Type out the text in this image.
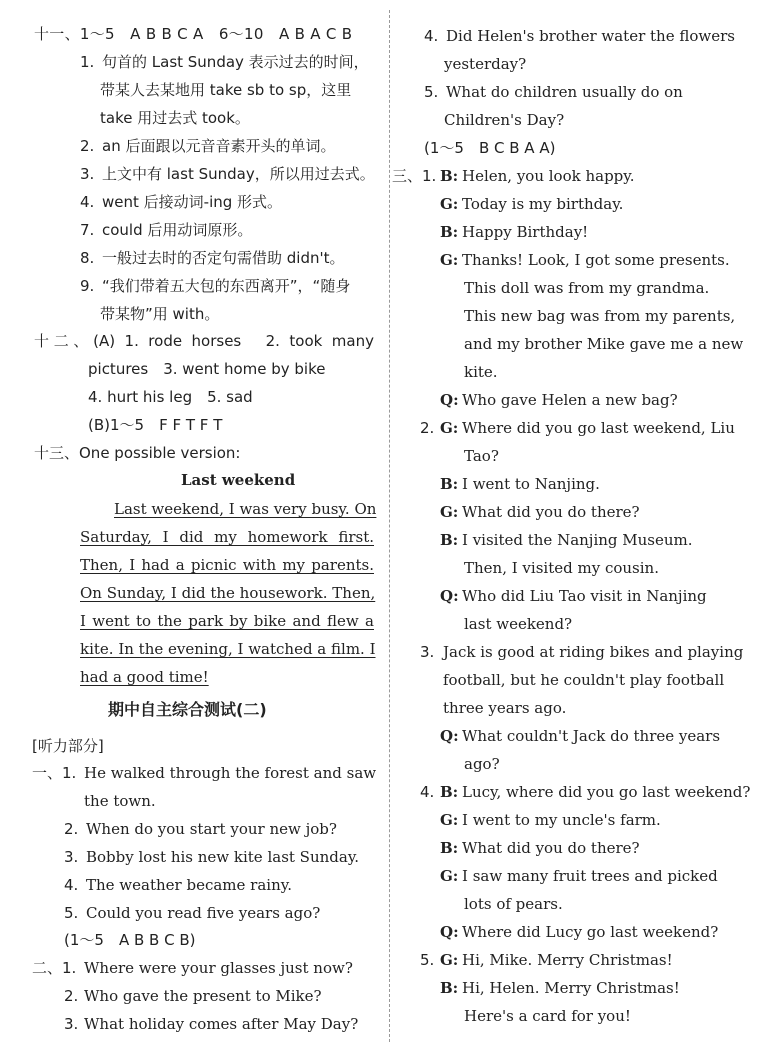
十一、1～5　A B B C A　6～10　A B A C B
1. 句首的 Last Sunday 表示过去的时间，
带某人去某地用 take sb to sp，这里
take 用过去式 took。
2. an 后面跟以元音音素开头的单词。
3. 上文中有 last Sunday，所以用过去式。
4. went 后接动词-ing 形式。
7. could 后用动词原形。
8. 一般过去时的否定句需借助 didn't。
9. “我们带着五大包的东西离开”，“随身
带某物”用 with。
十二、(A) 1. rode horses　2. took many
pictures　3. went home by bike
4. hurt his leg　5. sad
(B)1～5　F F T F T
十三、One possible version:
Last weekend
Last weekend, I was very busy. On
Saturday, I did my homework first.
Then, I had a picnic with my parents.
On Sunday, I did the housework. Then,
I went to the park by bike and flew a
kite. In the evening, I watched a film. I
had a good time!
期中自主综合测试(二)
[听力部分]
一、1. He walked through the forest and saw
the town.
2. When do you start your new job?
3. Bobby lost his new kite last Sunday.
4. The weather became rainy.
5. Could you read five years ago?
(1～5　A B B C B)
二、1. Where were your glasses just now?
2. Who gave the present to Mike?
3. What holiday comes after May Day?
4. Did Helen's brother water the flowers
yesterday?
5. What do children usually do on
Children's Day?
(1～5　B C B A A)
三、1. B: Helen, you look happy.
G: Today is my birthday.
B: Happy Birthday!
G: Thanks! Look, I got some presents.
This doll was from my grandma.
This new bag was from my parents,
and my brother Mike gave me a new
kite.
Q: Who gave Helen a new bag?
2. G: Where did you go last weekend, Liu
Tao?
B: I went to Nanjing.
G: What did you do there?
B: I visited the Nanjing Museum.
Then, I visited my cousin.
Q: Who did Liu Tao visit in Nanjing
last weekend?
3. Jack is good at riding bikes and playing
football, but he couldn't play football
three years ago.
Q: What couldn't Jack do three years
ago?
4. B: Lucy, where did you go last weekend?
G: I went to my uncle's farm.
B: What did you do there?
G: I saw many fruit trees and picked
lots of pears.
Q: Where did Lucy go last weekend?
5. G: Hi, Mike. Merry Christmas!
B: Hi, Helen. Merry Christmas!
Here's a card for you!
